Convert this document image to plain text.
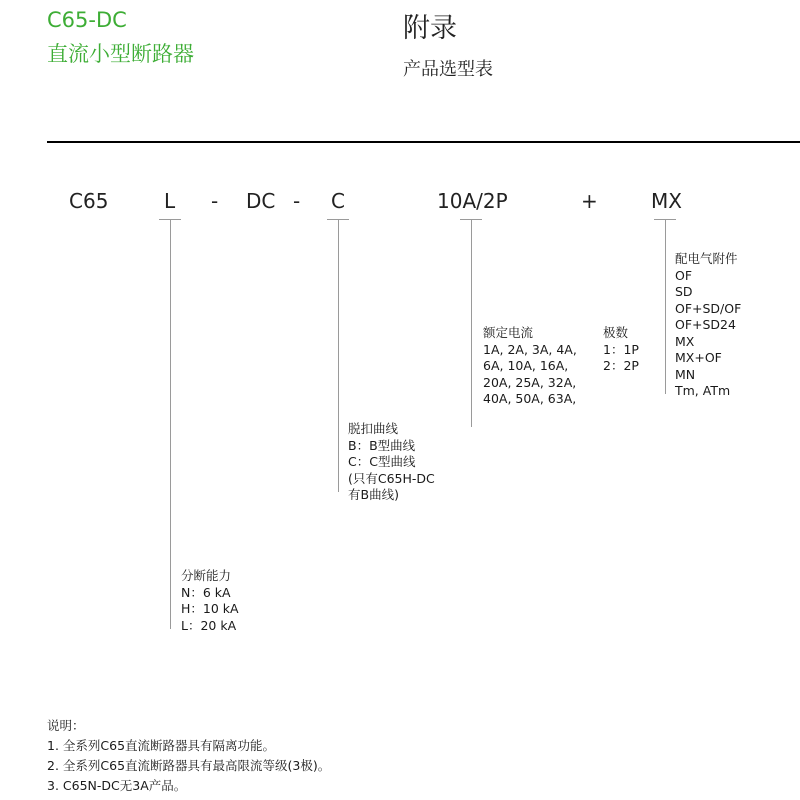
C65-DC
直流小型断路器
附录
产品选型表
C65	L - DC - C	10A/2P	+	MX
配电气附件
OF
SD
OF+SD/OF
OF+SD24
MX
MX+OF
MN
Tm, ATm
额定电流
1A, 2A, 3A, 4A,
6A, 10A, 16A,
20A, 25A, 32A,
40A, 50A, 63A,
极数
1：1P
2：2P
脱扣曲线
B：B型曲线
C：C型曲线
(只有C65H-DC
有B曲线)
分断能力
N：6 kA
H：10 kA
L：20 kA
说明：
1. 全系列C65直流断路器具有隔离功能。
2. 全系列C65直流断路器具有最高限流等级(3极)。
3. C65N-DC无3A产品。
